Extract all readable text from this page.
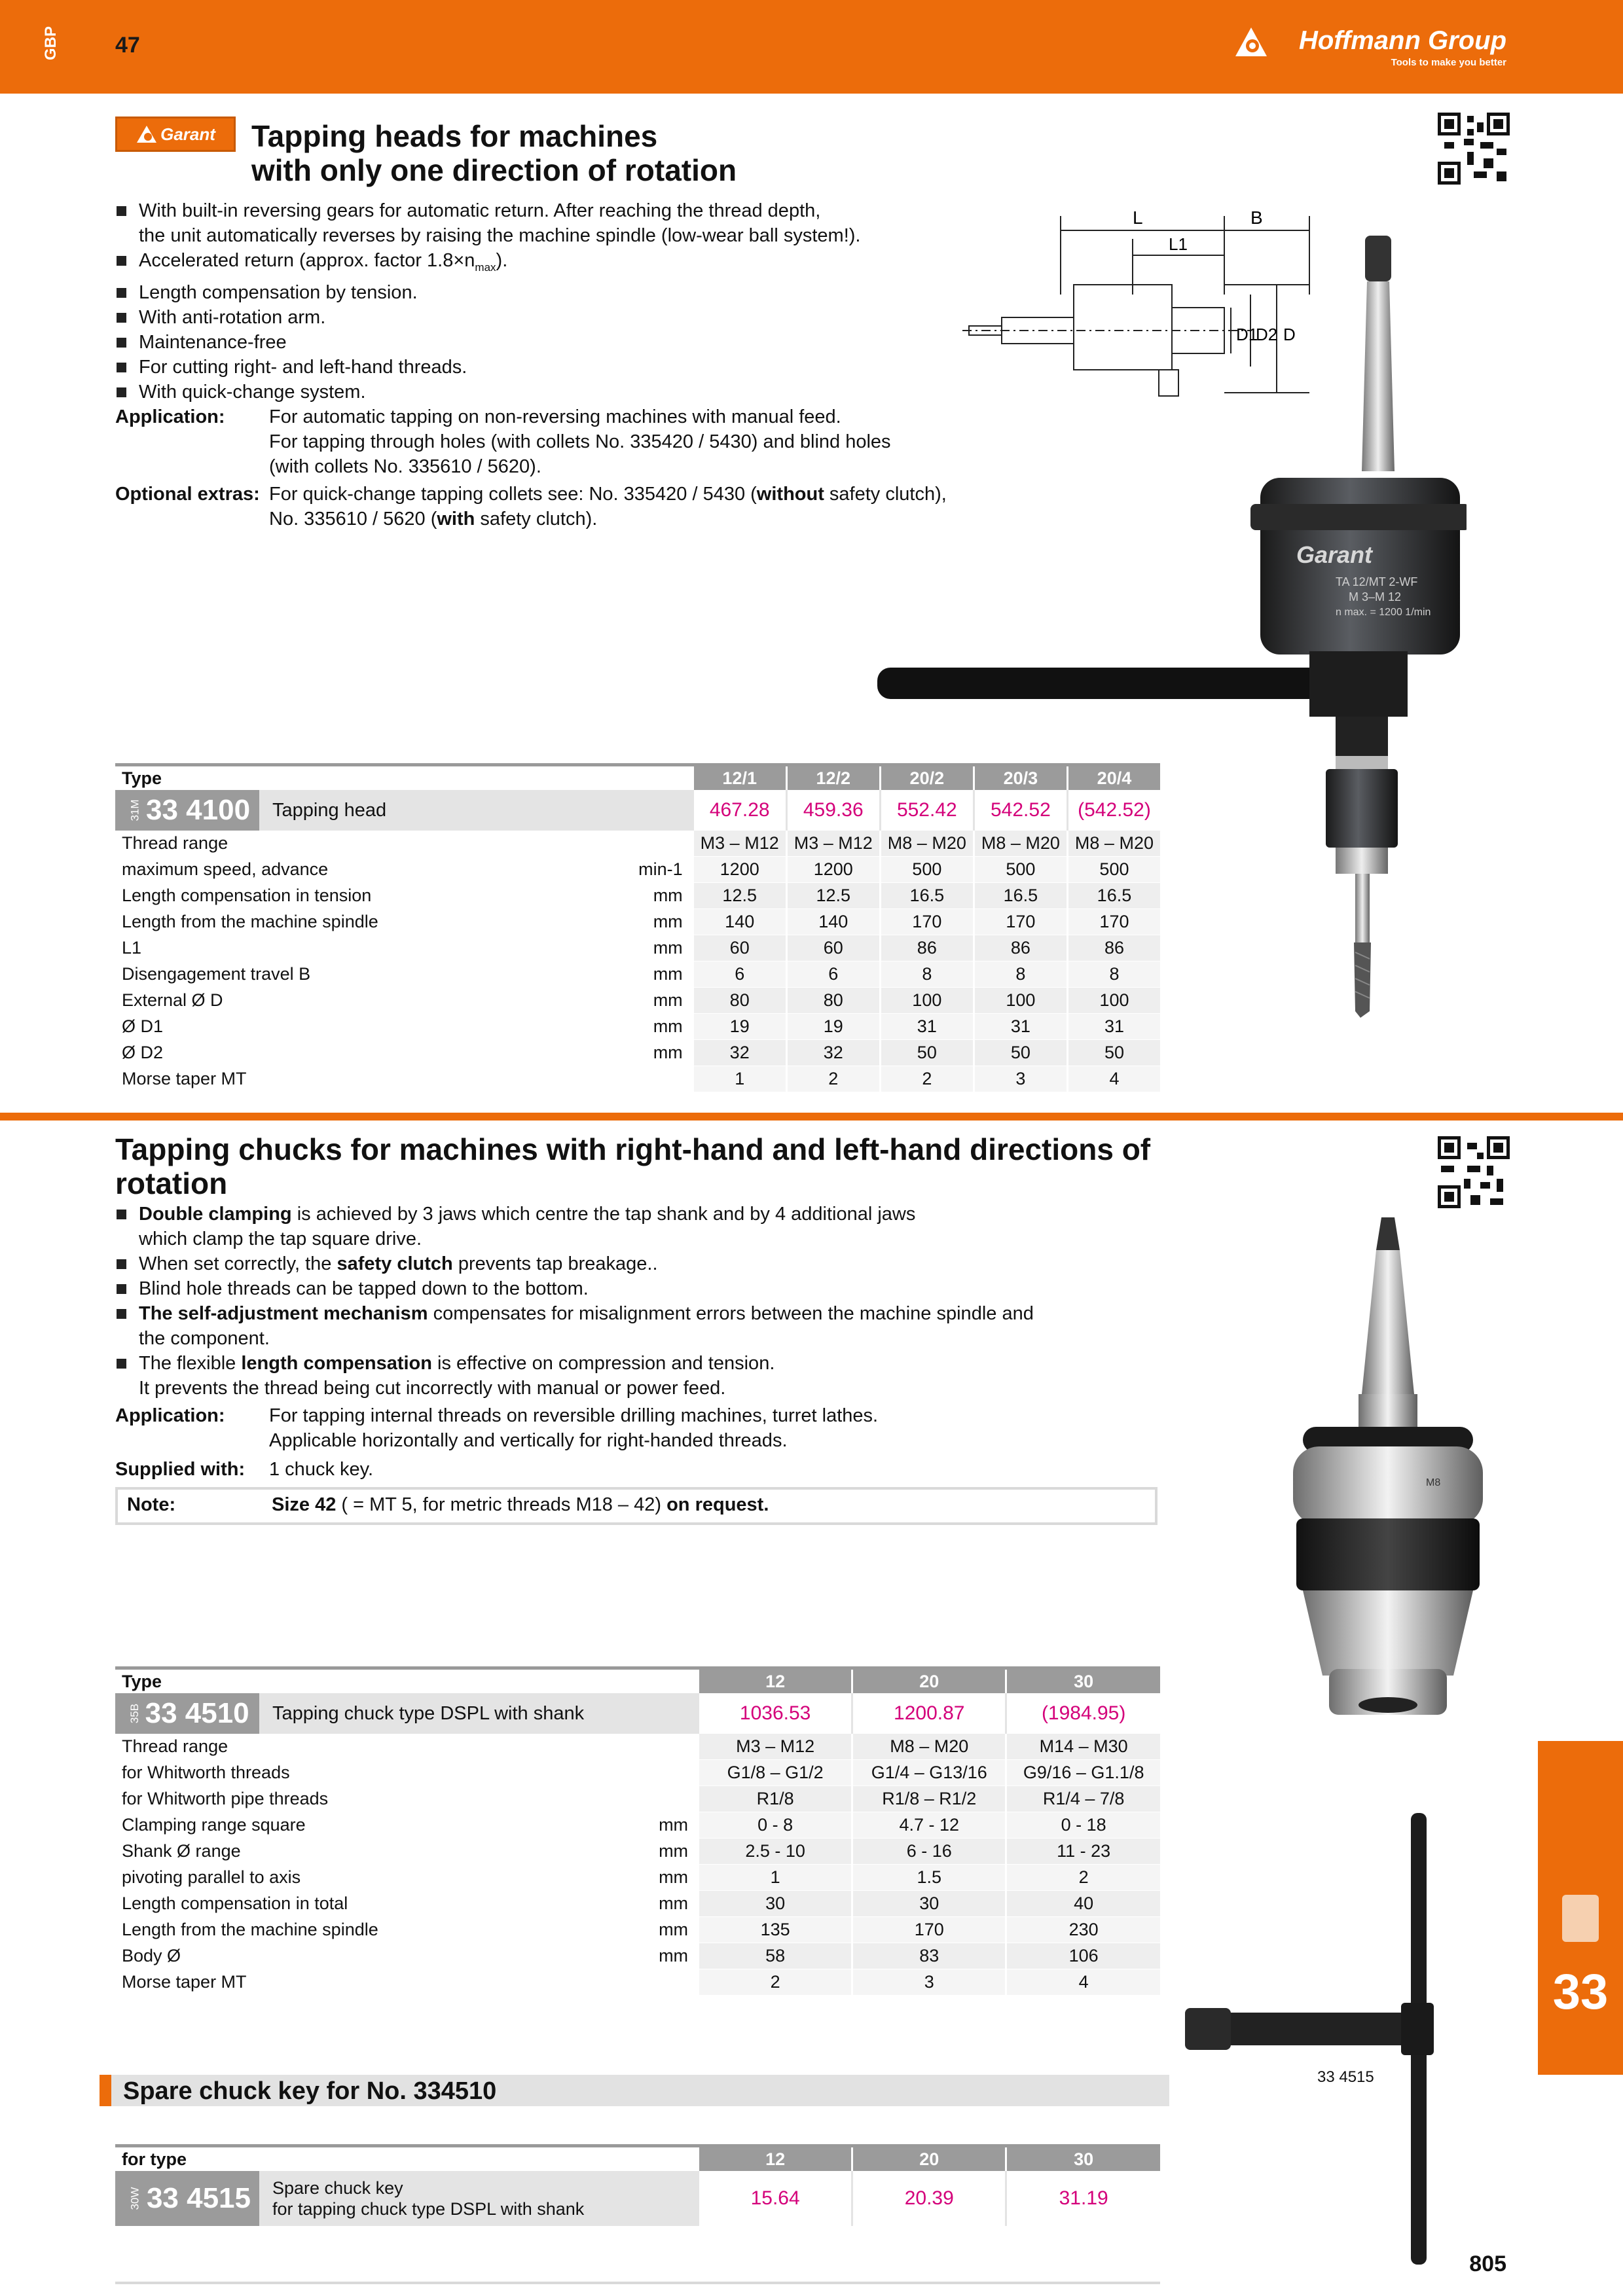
GBP 47	Hoffmann Group
Tools to make you better
Garant Tapping heads for machines
with only one direction of rotation
With built-in reversing gears for automatic return. After reaching the thread depth,
the unit automatically reverses by raising the machine spindle (low-wear ball system!).
Accelerated return (approx. factor $1.8\times n_{max}$).
Length compensation by tension.
With anti-rotation arm.
Maintenance-free
For cutting right- and left-hand threads.
With quick-change system.
Application:	For automatic tapping on non-reversing machines with manual feed.
For tapping through holes (with collets No. 335420 / 5430) and blind holes
(with collets No. 335610 / 5620).
Optional extras: For quick-change tapping collets see: No. 335420 / 5430 (without safety clutch),
No. 335610 / 5620 (with safety clutch).
L
L1
B
D1
D2 D
Garant
TA 12/MT 2-WF
M 3–M 12
n max. = 1200 1/min
Type		12/1	12/2	20/2	20/3	20/4

31M 33 4100 Tapping head		467.28	459.36	552.42	542.52	(542.52)
Thread range		M3 – M12	M3 – M12	M8 – M20	M8 – M20	M8 – M20
maximum speed, advance	min-1	1200	1200	500	500	500
Length compensation in tension	mm	12.5	12.5	16.5	16.5	16.5
Length from the machine spindle	mm	140	140	170	170	170
L1	mm	60	60	86	86	86
Disengagement travel B	mm	6	6	8	8	8
External Ø D	mm	80	80	100	100	100
Ø D1	mm	19	19	31	31	31
Ø D2	mm	32	32	50	50	50
Morse taper MT		1	2	2	3	4
Tapping chucks for machines with right-hand and left-hand directions of
rotation
Double clamping is achieved by 3 jaws which centre the tap shank and by 4 additional jaws
which clamp the tap square drive.
When set correctly, the safety clutch prevents tap breakage..
Blind hole threads can be tapped down to the bottom.
The self-adjustment mechanism compensates for misalignment errors between the machine spindle and
the component.
The flexible length compensation is effective on compression and tension.
It prevents the thread being cut incorrectly with manual or power feed.
Application:	For tapping internal threads on reversible drilling machines, turret lathes.
Applicable horizontally and vertically for right-handed threads.
Supplied with:	1 chuck key.
Note:	Size 42 ( = MT 5, for metric threads M18 – 42) on request.
M8
Type		12	20	30

35B 33 4510 Tapping chuck type DSPL with shank		1036.53	1200.87	(1984.95)
Thread range		M3 – M12	M8 – M20	M14 – M30
for Whitworth threads		G1/8 – G1/2	G1/4 – G13/16	G9/16 – G1.1/8
for Whitworth pipe threads		R1/8	R1/8 – R1/2	R1/4 – 7/8
Clamping range square	mm	0 - 8	4.7 - 12	0 - 18
Shank Ø range	mm	2.5 - 10	6 - 16	11 - 23
pivoting parallel to axis	mm	1	1.5	2
Length compensation in total	mm	30	30	40
Length from the machine spindle	mm	135	170	230
Body Ø	mm	58	83	106
Morse taper MT		2	3	4
Spare chuck key for No. 334510
for type	12	20	30

30W 33 4515 Spare chuck key
for tapping chuck type DSPL with shank	15.64	20.39	31.19
33 4515
33
805
